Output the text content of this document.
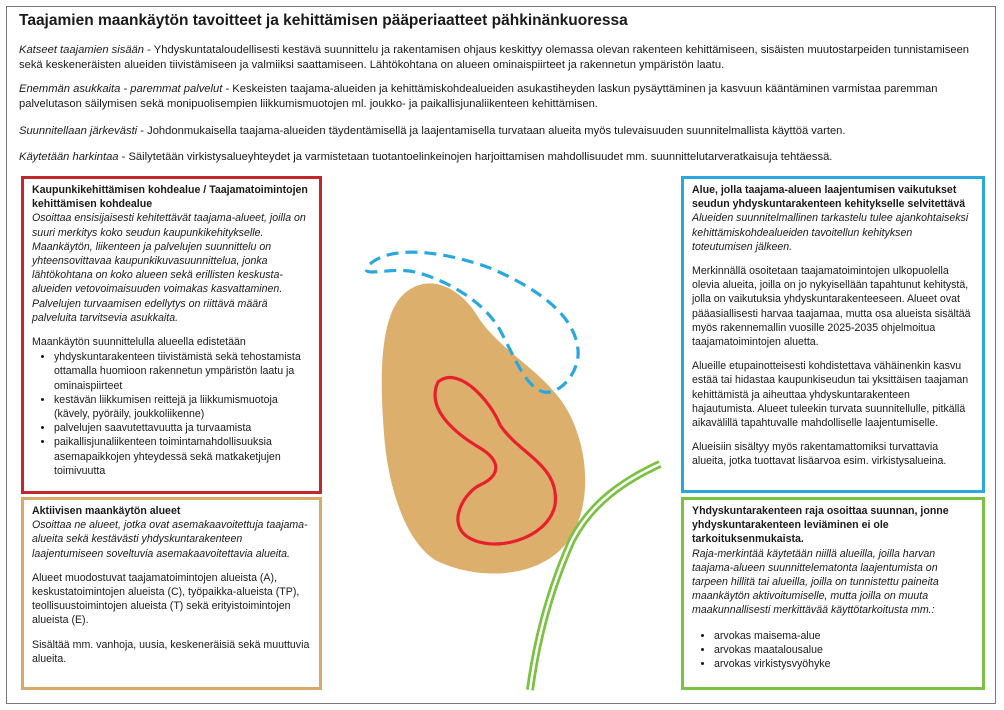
Taajamien maankäytön tavoitteet ja kehittämisen pääperiaatteet pähkinänkuoressa
Katseet taajamien sisään - Yhdyskuntataloudellisesti kestävä suunnittelu ja rakentamisen ohjaus keskittyy olemassa olevan rakenteen kehittämiseen, sisäisten muutostarpeiden tunnistamiseen sekä keskeneräisten alueiden tiivistämiseen ja valmiiksi saattamiseen. Lähtökohtana on alueen ominaispiirteet ja rakennetun ympäristön laatu.
Enemmän asukkaita - paremmat palvelut - Keskeisten taajama-alueiden ja kehittämiskohdealueiden asukastiheyden laskun pysäyttäminen ja kasvuun kääntäminen varmistaa paremman palvelutason säilymisen sekä monipuolisempien liikkumismuotojen ml. joukko- ja paikallisjunaliikenteen kehittämisen.
Suunnitellaan järkevästi - Johdonmukaisella taajama-alueiden täydentämisellä ja laajentamisella turvataan alueita myös tulevaisuuden suunnitelmallista käyttöä varten.
Käytetään harkintaa - Säilytetään virkistysalueyhteydet ja varmistetaan tuotantoelinkeinojen harjoittamisen mahdollisuudet mm. suunnittelutarveratkaisuja tehtäessä.
Kaupunkikehittämisen kohdealue / Taajamatoimintojen kehittämisen kohdealue
Osoittaa ensisijaisesti kehitettävät taajama-alueet, joilla on suuri merkitys koko seudun kaupunkikehitykselle. Maankäytön, liikenteen ja palvelujen suunnittelu on yhteensovittavaa kaupunkikuvasuunnittelua, jonka lähtökohtana on koko alueen sekä erillisten keskusta-alueiden vetovoimaisuuden voimakas kasvattaminen. Palvelujen turvaamisen edellytys on riittävä määrä palveluita tarvitsevia asukkaita.

Maankäytön suunnittelulla alueella edistetään

• yhdyskuntarakenteen tiivistämistä sekä tehostamista ottamalla huomioon rakennetun ympäristön laatu ja ominaispiirteet
• kestävän liikkumisen reittejä ja liikkumismuotoja (kävely, pyöräily, joukkoliikenne)
• palvelujen saavutettavuutta ja turvaamista
• paikallisjunaliikenteen toimintamahdollisuuksia asemapaikkojen yhteydessä sekä matkaketjujen toimivuutta
Aktiivisen maankäytön alueet
Osoittaa ne alueet, jotka ovat asemakaavoitettuja taajama-alueita sekä kestävästi yhdyskuntarakenteen laajentumiseen soveltuvia asemakaavoitettavia alueita.

Alueet muodostuvat taajamatoimintojen alueista (A), keskustatoimintojen alueista (C), työpaikka-alueista (TP), teollisuustoimintojen alueista (T) sekä erityistoimintojen alueista (E).

Sisältää mm. vanhoja, uusia, keskeneräisiä sekä muuttuvia alueita.

Alue, jolla taajama-alueen laajentumisen vaikutukset seudun yhdyskuntarakenteen kehitykselle selvitettävä
Alueiden suunnitelmallinen tarkastelu tulee ajankohtaiseksi kehittämiskohdealueiden tavoitellun kehityksen toteutumisen jälkeen.

Merkinnällä osoitetaan taajamatoimintojen ulkopuolella olevia alueita, joilla on jo nykyisellään tapahtunut kehitystä, jolla on vaikutuksia yhdyskuntarakenteeseen. Alueet ovat pääasiallisesti harvaa taajamaa, mutta osa alueista sisältää myös rakennemallin vuosille 2025-2035 ohjelmoitua taajamatoimintojen aluetta.

Alueille etupainotteisesti kohdistettava vähäinenkin kasvu estää tai hidastaa kaupunkiseudun tai yksittäisen taajaman kehittämistä ja aiheuttaa yhdyskuntarakenteen hajautumista. Alueet tuleekin turvata suunnitellulle, pitkällä aikavälillä tapahtuvalle mahdolliselle laajentumiselle.

Alueisiin sisältyy myös rakentamattomiksi turvattavia alueita, jotka tuottavat lisäarvoa esim. virkistysalueina.

Yhdyskuntarakenteen raja osoittaa suunnan, jonne yhdyskuntarakenteen leviäminen ei ole tarkoituksenmukaista.
Raja-merkintää käytetään niillä alueilla, joilla harvan taajama-alueen suunnittelematonta laajentumista on tarpeen hillitä tai alueilla, joilla on tunnistettu paineita maankäytön aktivoitumiselle, mutta joilla on muuta maakunnallisesti merkittävää käyttötarkoitusta mm.:
• arvokas maisema-alue
• arvokas maatalousalue
• arvokas virkistysvyöhyke
